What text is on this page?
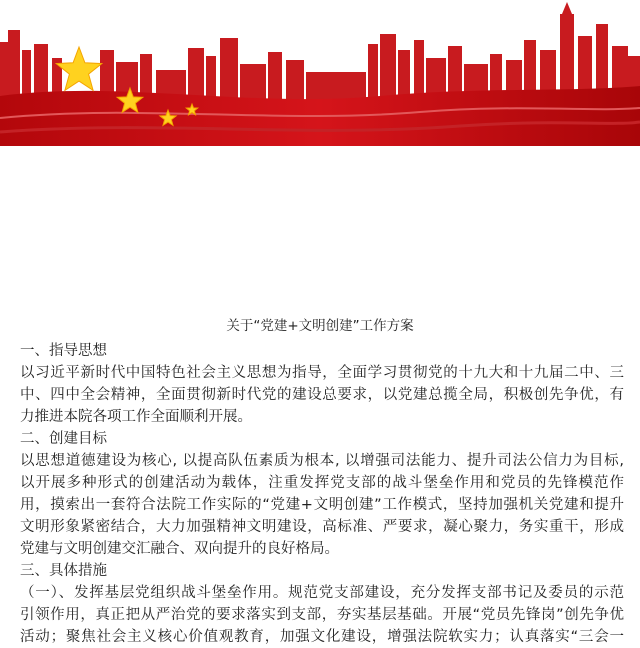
关于“党建+文明创建”工作方案
一、指导思想
以习近平新时代中国特色社会主义思想为指导，全面学习贯彻党的十九大和十九届二中、三
中、四中全会精神，全面贯彻新时代党的建设总要求，以党建总揽全局，积极创先争优，有
力推进本院各项工作全面顺利开展。
二、创建目标
以思想道德建设为核心, 以提高队伍素质为根本, 以增强司法能力、提升司法公信力为目标,
以开展多种形式的创建活动为载体，注重发挥党支部的战斗堡垒作用和党员的先锋模范作
用，摸索出一套符合法院工作实际的“党建+文明创建”工作模式，坚持加强机关党建和提升
文明形象紧密结合，大力加强精神文明建设，高标准、严要求，凝心聚力，务实重干，形成
党建与文明创建交汇融合、双向提升的良好格局。
三、具体措施
（一）、发挥基层党组织战斗堡垒作用。规范党支部建设，充分发挥支部书记及委员的示范
引领作用，真正把从严治党的要求落实到支部，夯实基层基础。开展“党员先锋岗”创先争优
活动；聚焦社会主义核心价值观教育，加强文化建设，增强法院软实力；认真落实“三会一
